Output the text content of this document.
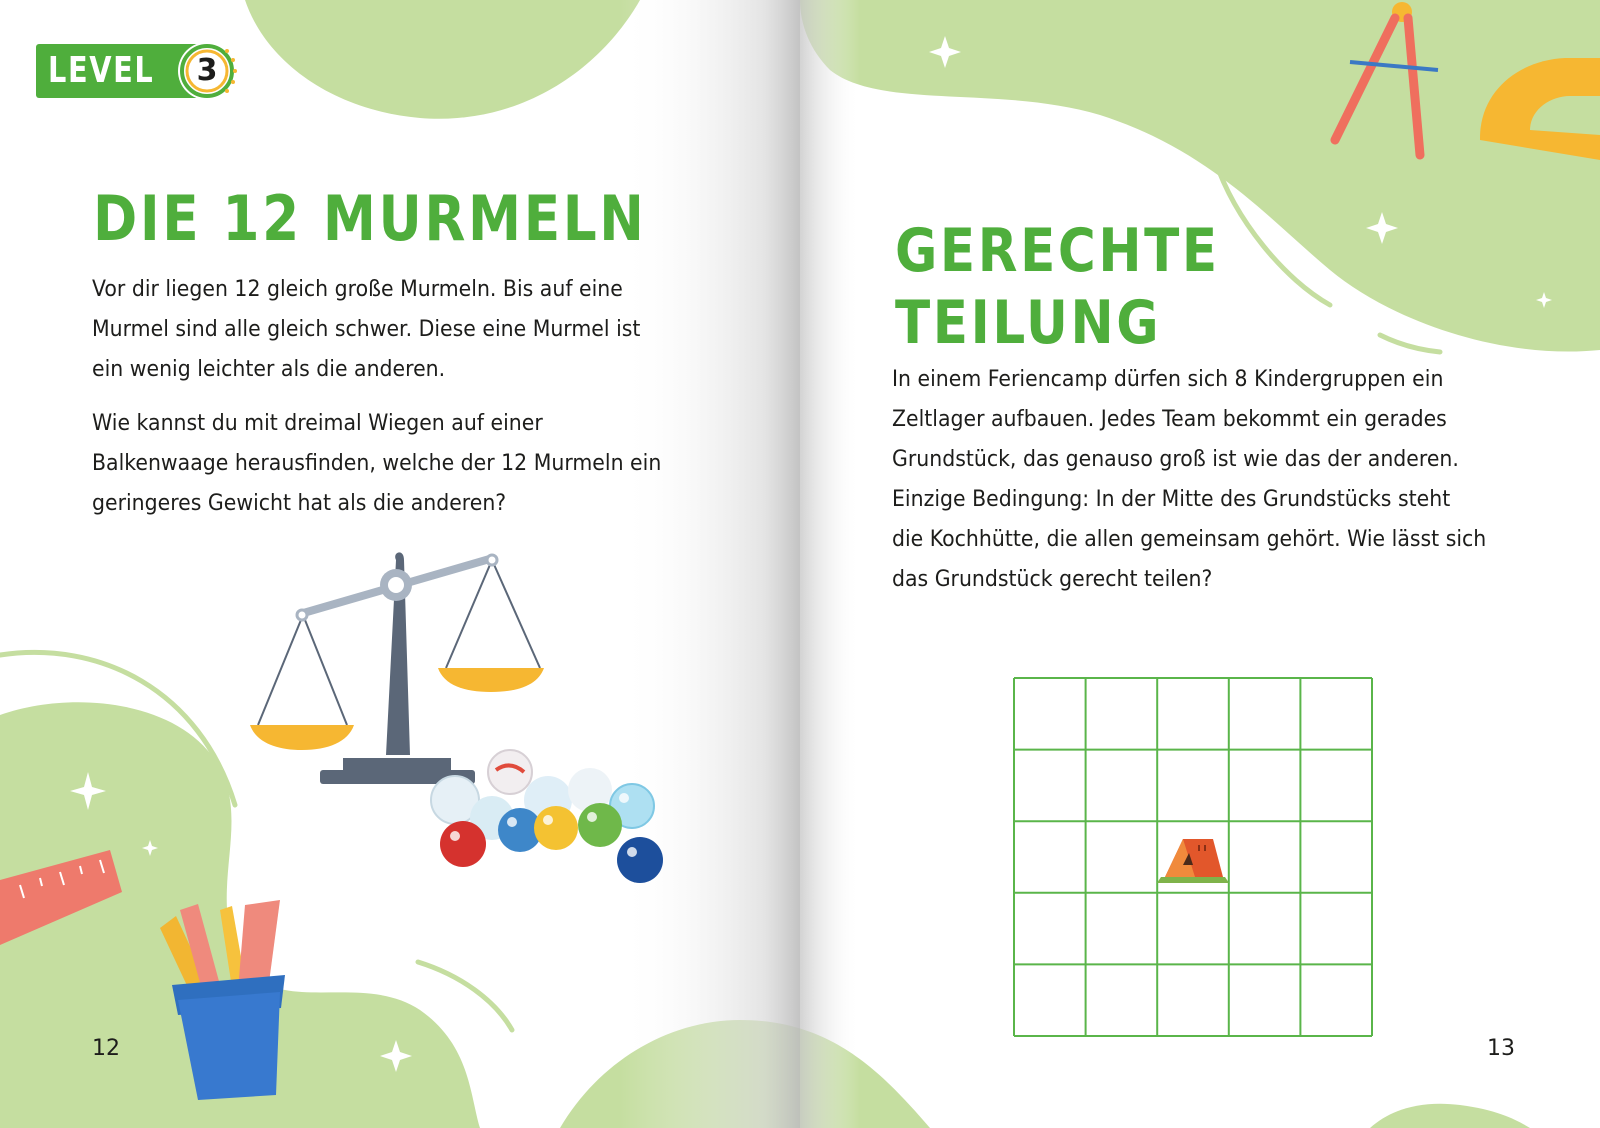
LEVEL	3
DIE 12 MURMELN

Vor dir liegen 12 gleich große Murmeln. Bis auf eine Murmel sind alle gleich schwer. Diese eine Murmel ist ein wenig leichter als die anderen.

Wie kannst du mit dreimal Wiegen auf einer Balkenwaage herausfinden, welche der 12 Murmeln ein geringeres Gewicht hat als die anderen?

12
GERECHTE
TEILUNG

In einem Feriencamp dürfen sich 8 Kindergruppen ein Zeltlager aufbauen. Jedes Team bekommt ein gerades Grundstück, das genauso groß ist wie das der anderen. Einzige Bedingung: In der Mitte des Grundstücks steht die Kochhütte, die allen gemeinsam gehört. Wie lässt sich das Grundstück gerecht teilen?

13
